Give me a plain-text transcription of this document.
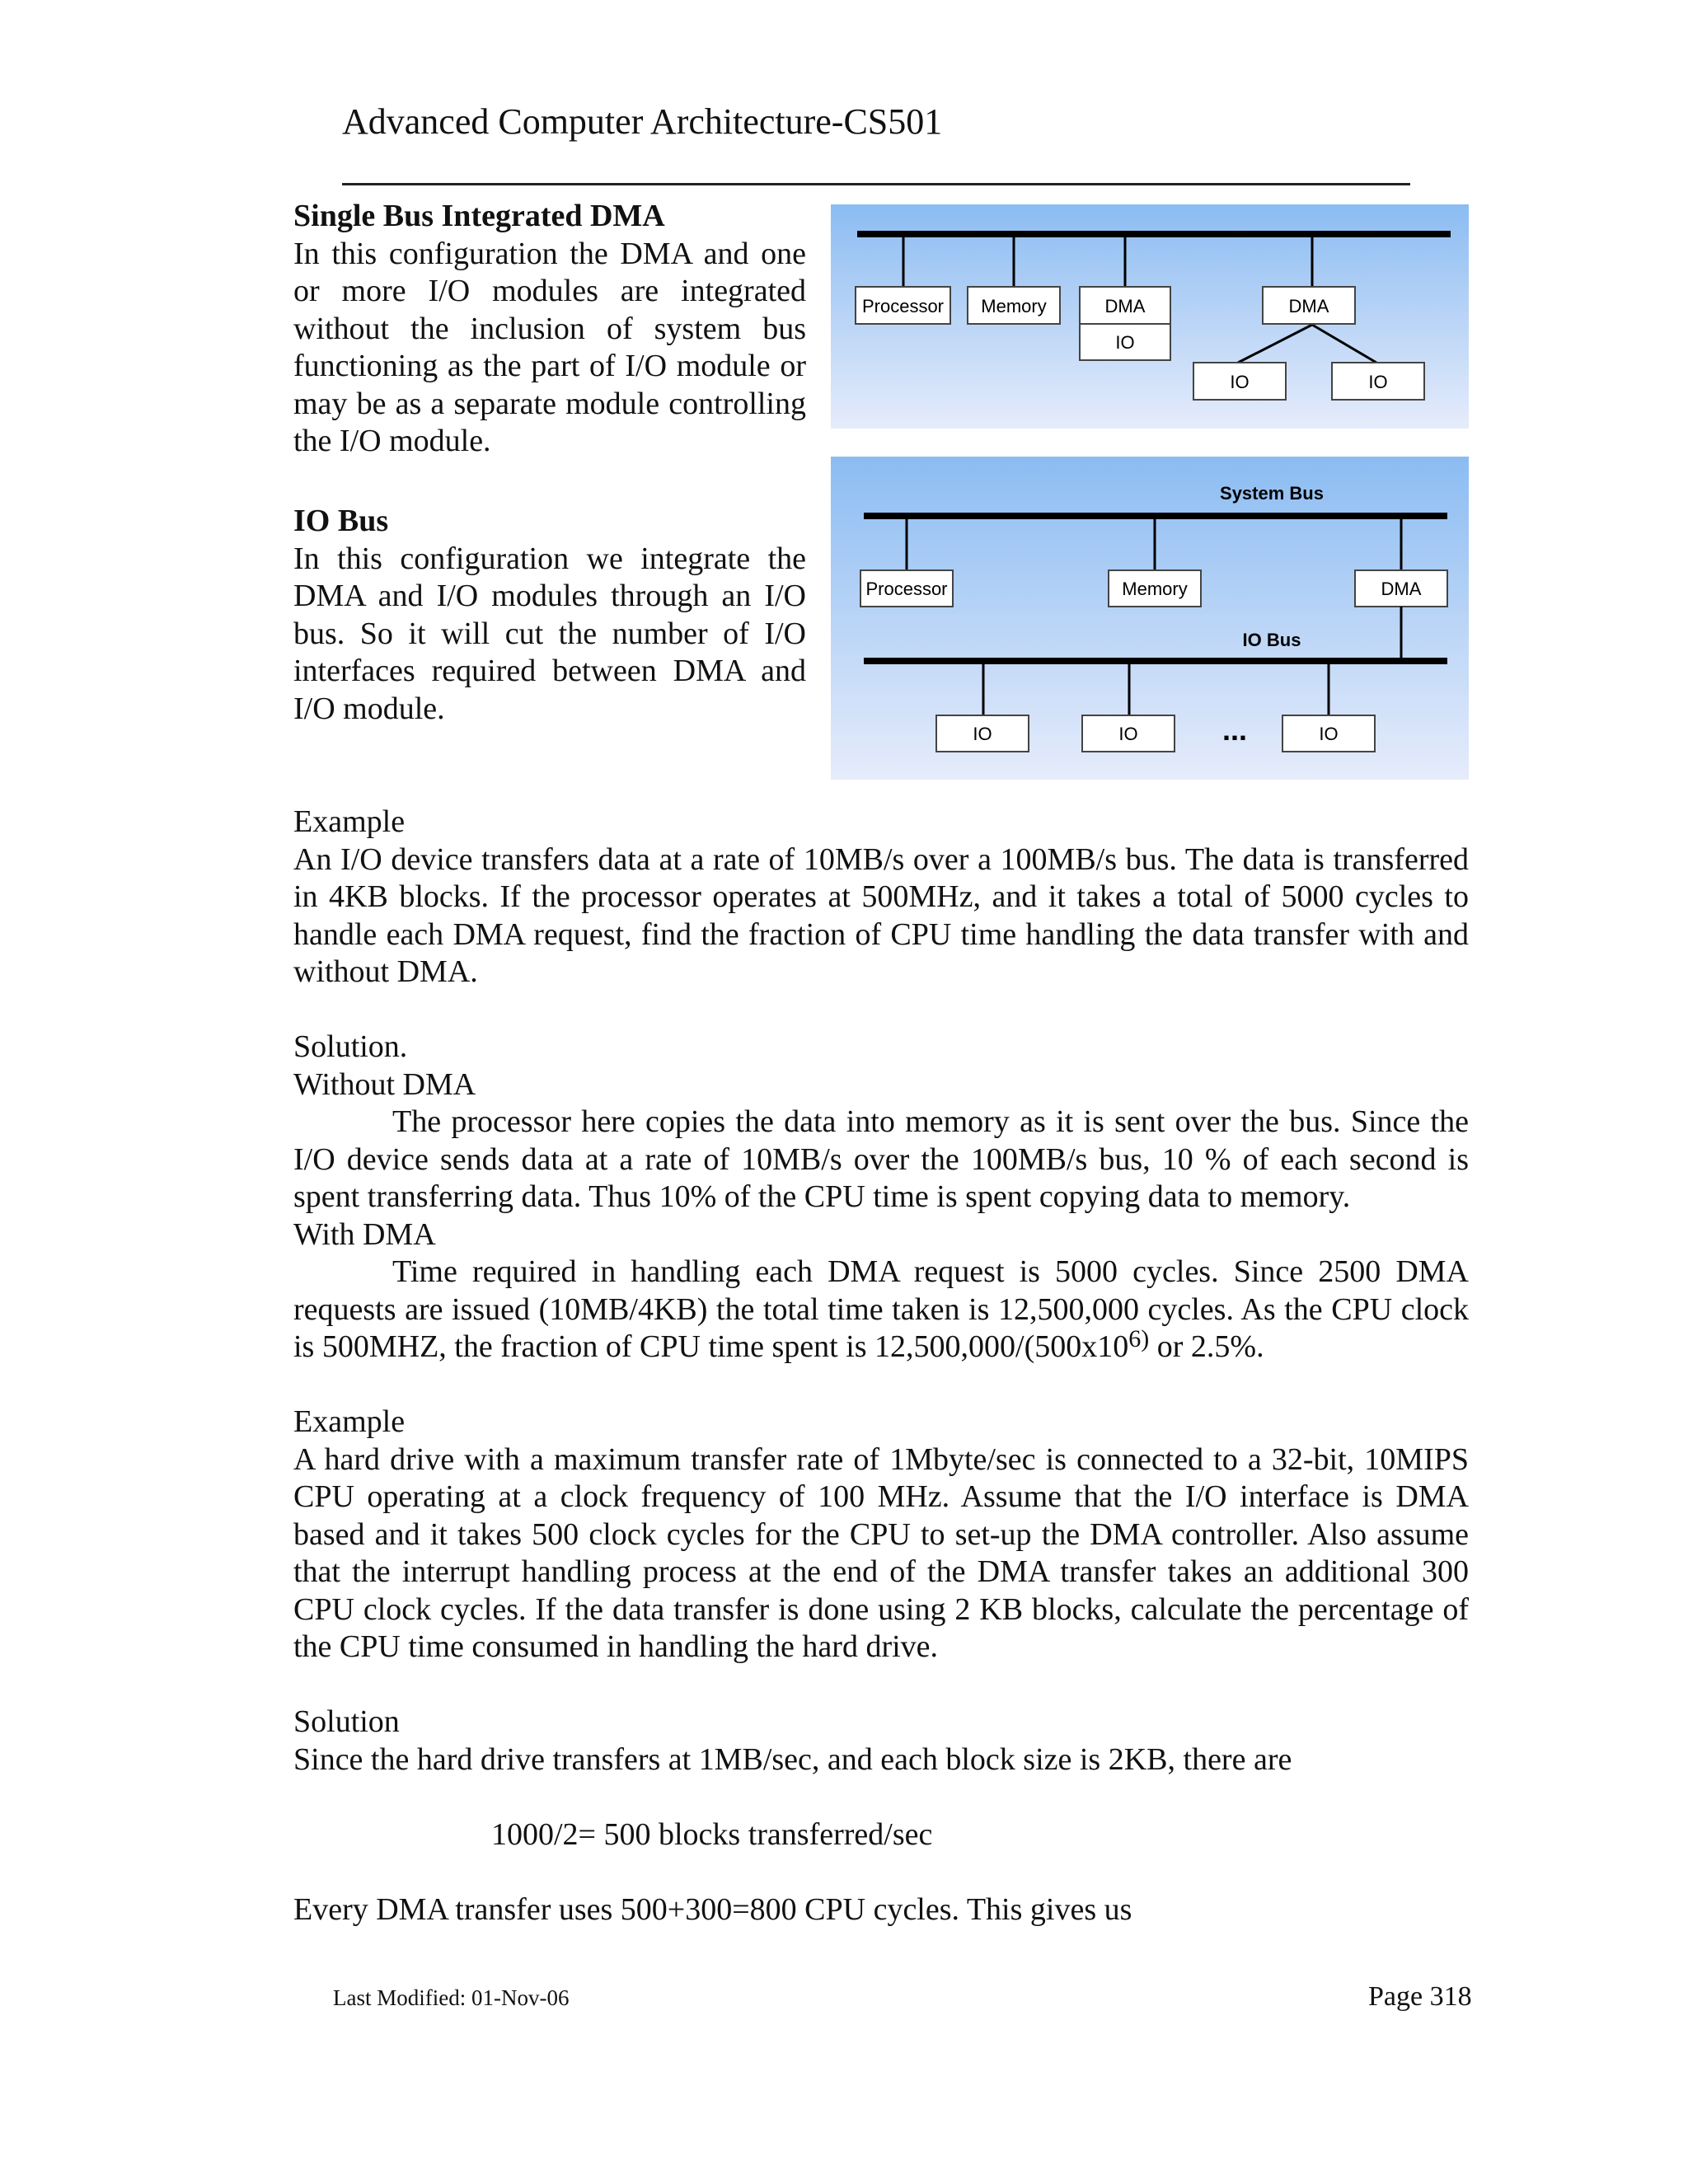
Advanced Computer Architecture-CS501
Single Bus Integrated DMA

In this configuration the DMA and one or more I/O modules are integrated without the inclusion of system bus functioning as the part of I/O module or may be as a separate module controlling the I/O module.

Processor Memory	DMA
IO
DMA
IO	IO
IO Bus

In this configuration we integrate the DMA and I/O modules through an I/O bus. So it will cut the number of I/O interfaces required between DMA and I/O module.

System Bus
Processor	Memory	DMA
IO Bus
IO	IO	...	IO

Example

An I/O device transfers data at a rate of 10MB/s over a 100MB/s bus. The data is transferred in 4KB blocks. If the processor operates at 500MHz, and it takes a total of 5000 cycles to handle each DMA request, find the fraction of CPU time handling the data transfer with and without DMA.

Solution.

Without DMA

The processor here copies the data into memory as it is sent over the bus. Since the I/O device sends data at a rate of 10MB/s over the 100MB/s bus, 10 % of each second is spent transferring data. Thus 10% of the CPU time is spent copying data to memory.

With DMA

Time required in handling each DMA request is 5000 cycles. Since 2500 DMA requests are issued (10MB/4KB) the total time taken is 12,500,000 cycles. As the CPU clock is 500MHZ, the fraction of CPU time spent is 12,500,000/(500x10$^{6)}$ or 2.5%.

Example

A hard drive with a maximum transfer rate of 1Mbyte/sec is connected to a 32-bit, 10MIPS CPU operating at a clock frequency of 100 MHz. Assume that the I/O interface is DMA based and it takes 500 clock cycles for the CPU to set-up the DMA controller. Also assume that the interrupt handling process at the end of the DMA transfer takes an additional 300 CPU clock cycles. If the data transfer is done using 2 KB blocks, calculate the percentage of the CPU time consumed in handling the hard drive.

Solution

Since the hard drive transfers at 1MB/sec, and each block size is 2KB, there are

1000/2= 500 blocks transferred/sec

Every DMA transfer uses 500+300=800 CPU cycles. This gives us

Last Modified: 01-Nov-06	Page 318
